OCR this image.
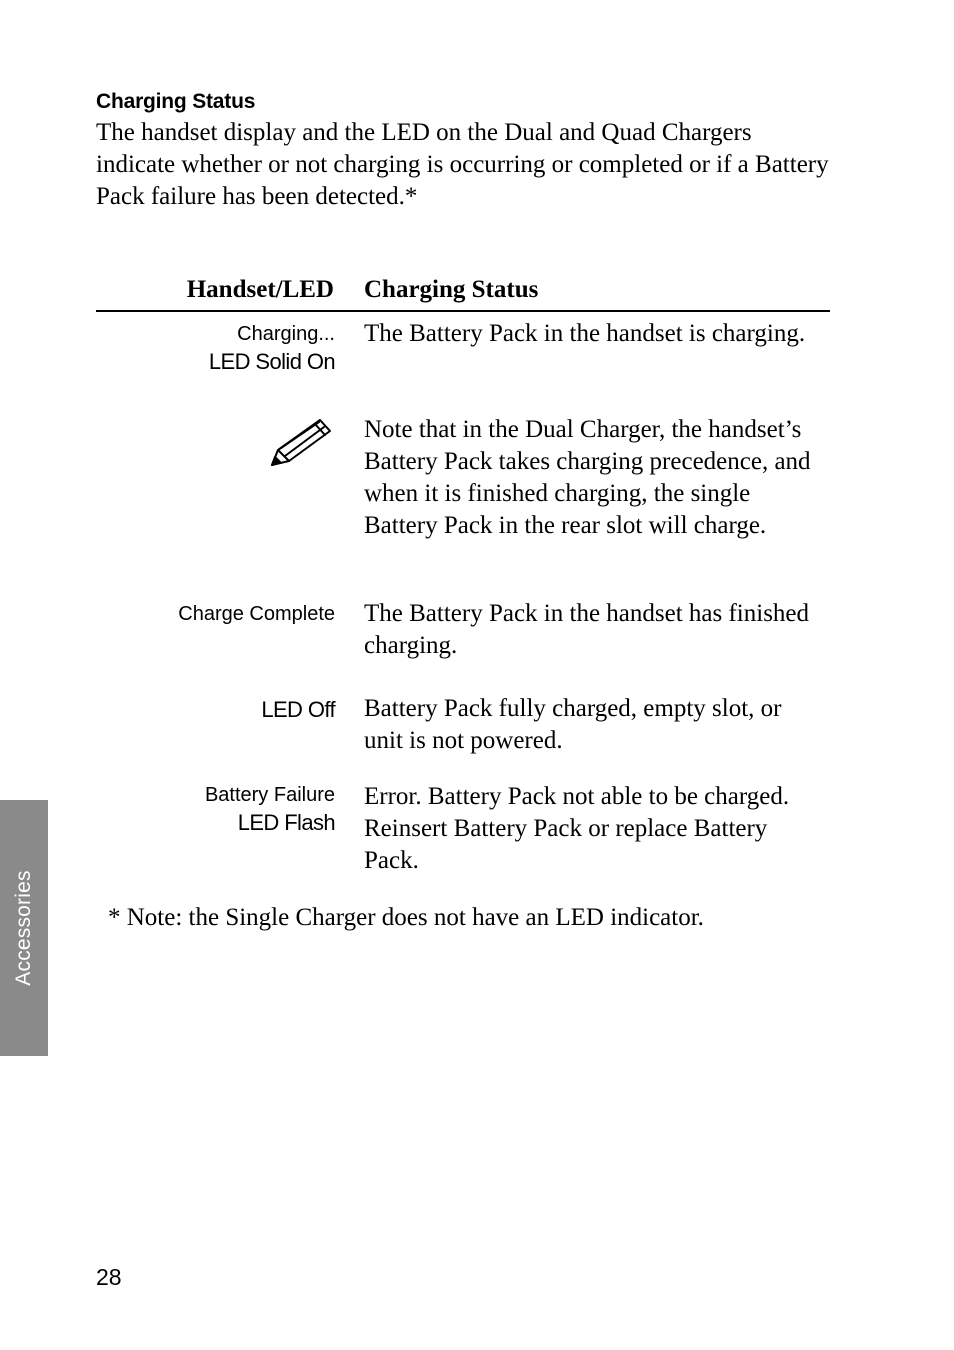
Charging Status

The handset display and the LED on the Dual and Quad Chargers indicate whether or not charging is occurring or completed or if a Battery Pack failure has been detected.*

Handset/LED Charging Status
Charging...
LED Solid On
The Battery Pack in the handset is charging.
Note that in the Dual Charger, the handset’s Battery Pack takes charging precedence, and when it is finished charging, the single Battery Pack in the rear slot will charge.
Charge Complete The Battery Pack in the handset has finished charging.
LED Off Battery Pack fully charged, empty slot, or unit is not powered.
Battery Failure
LED Flash
Error. Battery Pack not able to be charged. Reinsert Battery Pack or replace Battery Pack.
* Note: the Single Charger does not have an LED indicator.
Accessories
28
